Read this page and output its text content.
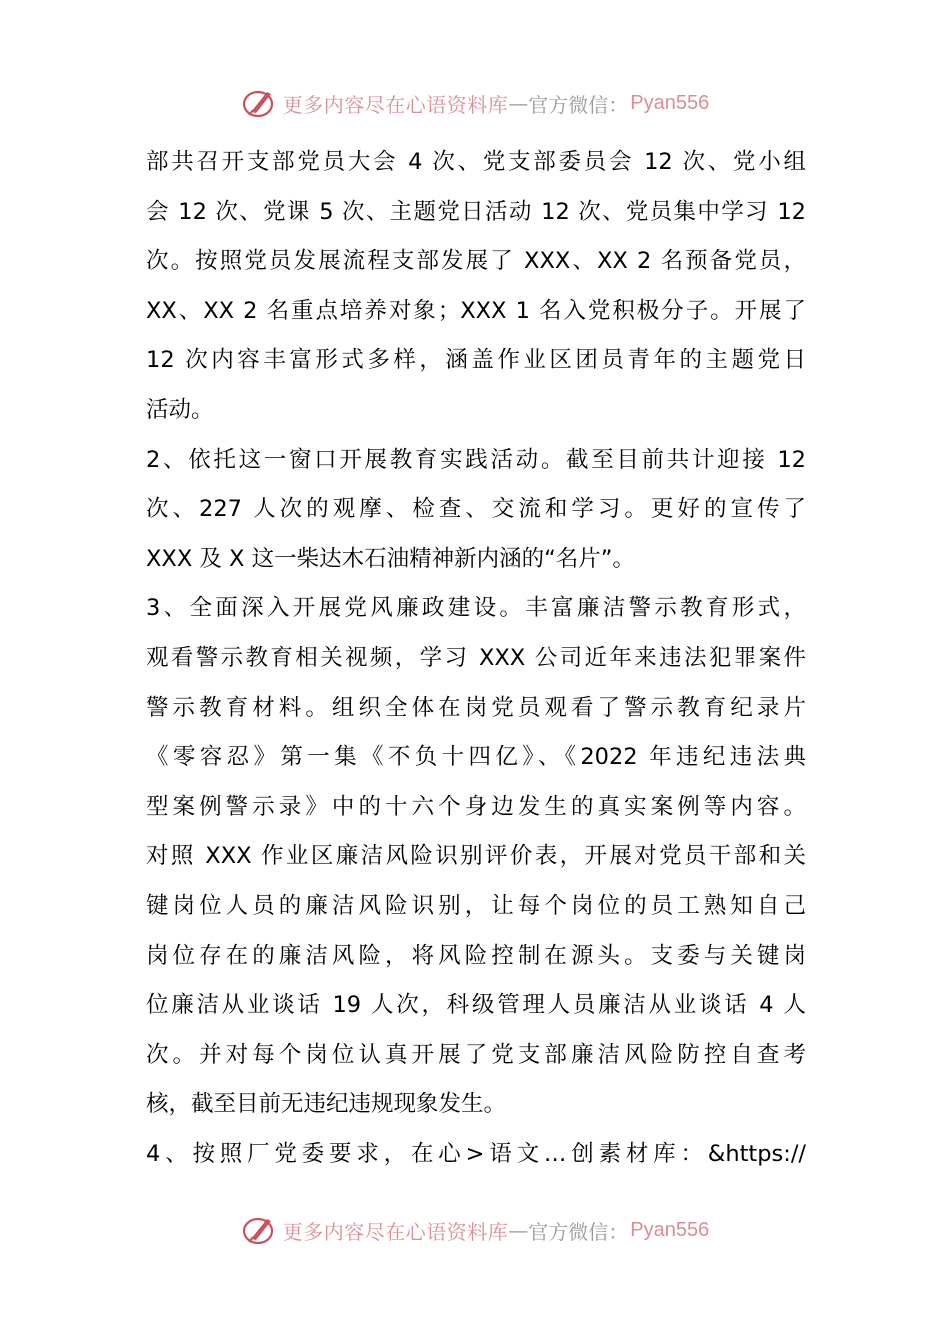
更多内容尽在心语资料库 — 官方微信： Pyan556
部共召开支部党员大会 4 次、党支部委员会 12 次、党小组
会 12 次、党课 5 次、主题党日活动 12 次、党员集中学习 12
次。按照党员发展流程支部发展了 XXX、XX 2 名预备党员，
XX、XX 2 名重点培养对象；XXX 1 名入党积极分子。开展了
12 次内容丰富形式多样，涵盖作业区团员青年的主题党日
活动。
2、依托这一窗口开展教育实践活动。截至目前共计迎接 12
次、227 人次的观摩、检查、交流和学习。更好的宣传了
XXX 及 X 这一柴达木石油精神新内涵的“名片”。
3、全面深入开展党风廉政建设。丰富廉洁警示教育形式，
观看警示教育相关视频，学习 XXX 公司近年来违法犯罪案件
警示教育材料。组织全体在岗党员观看了警示教育纪录片
《零容忍》第一集《不负十四亿》、《2022 年违纪违法典
型案例警示录》中的十六个身边发生的真实案例等内容。
对照 XXX 作业区廉洁风险识别评价表，开展对党员干部和关
键岗位人员的廉洁风险识别，让每个岗位的员工熟知自己
岗位存在的廉洁风险，将风险控制在源头。支委与关键岗
位廉洁从业谈话 19 人次，科级管理人员廉洁从业谈话 4 人
次。并对每个岗位认真开展了党支部廉洁风险防控自查考
核，截至目前无违纪违规现象发生。
4、按照厂党委要求，在心>语文…创素材库：&https://
更多内容尽在心语资料库 — 官方微信： Pyan556
